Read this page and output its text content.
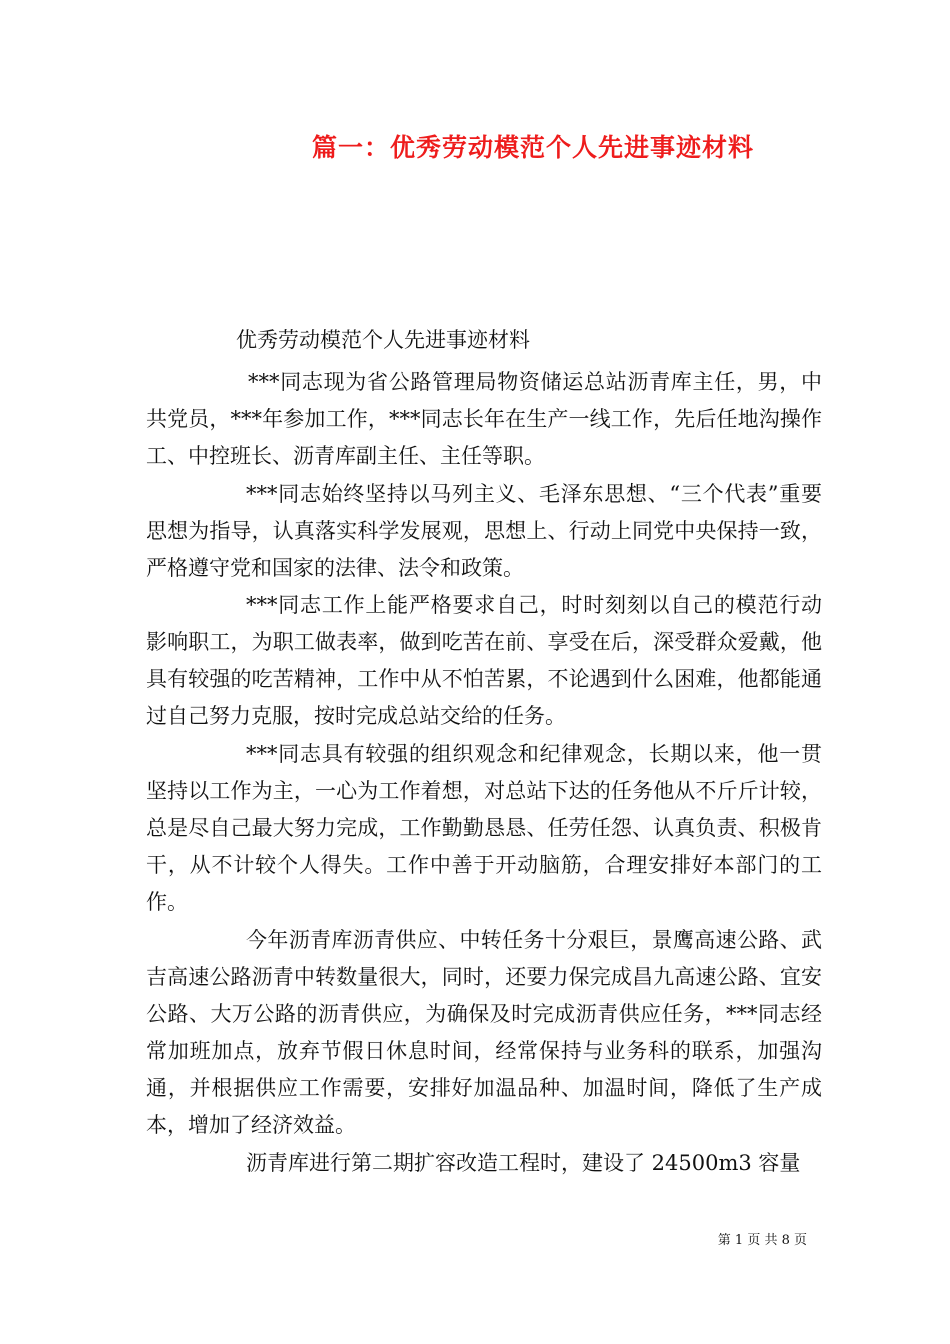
篇一：优秀劳动模范个人先进事迹材料

优秀劳动模范个人先进事迹材料

***同志现为省公路管理局物资储运总站沥青库主任，男，中共党员，***年参加工作，***同志长年在生产一线工作，先后任地沟操作工、中控班长、沥青库副主任、主任等职。

***同志始终坚持以马列主义、毛泽东思想、“三个代表”重要思想为指导，认真落实科学发展观，思想上、行动上同党中央保持一致，严格遵守党和国家的法律、法令和政策。

***同志工作上能严格要求自己，时时刻刻以自己的模范行动影响职工，为职工做表率，做到吃苦在前、享受在后，深受群众爱戴，他具有较强的吃苦精神，工作中从不怕苦累，不论遇到什么困难，他都能通过自己努力克服，按时完成总站交给的任务。

***同志具有较强的组织观念和纪律观念，长期以来，他一贯坚持以工作为主，一心为工作着想，对总站下达的任务他从不斤斤计较，总是尽自己最大努力完成，工作勤勤恳恳、任劳任怨、认真负责、积极肯干，从不计较个人得失。工作中善于开动脑筋，合理安排好本部门的工作。

今年沥青库沥青供应、中转任务十分艰巨，景鹰高速公路、武吉高速公路沥青中转数量很大，同时，还要力保完成昌九高速公路、宜安公路、大万公路的沥青供应，为确保及时完成沥青供应任务，***同志经常加班加点，放弃节假日休息时间，经常保持与业务科的联系，加强沟通，并根据供应工作需要，安排好加温品种、加温时间，降低了生产成本，增加了经济效益。

沥青库进行第二期扩容改造工程时，建设了 24500m3 容量

第 1 页 共 8 页
